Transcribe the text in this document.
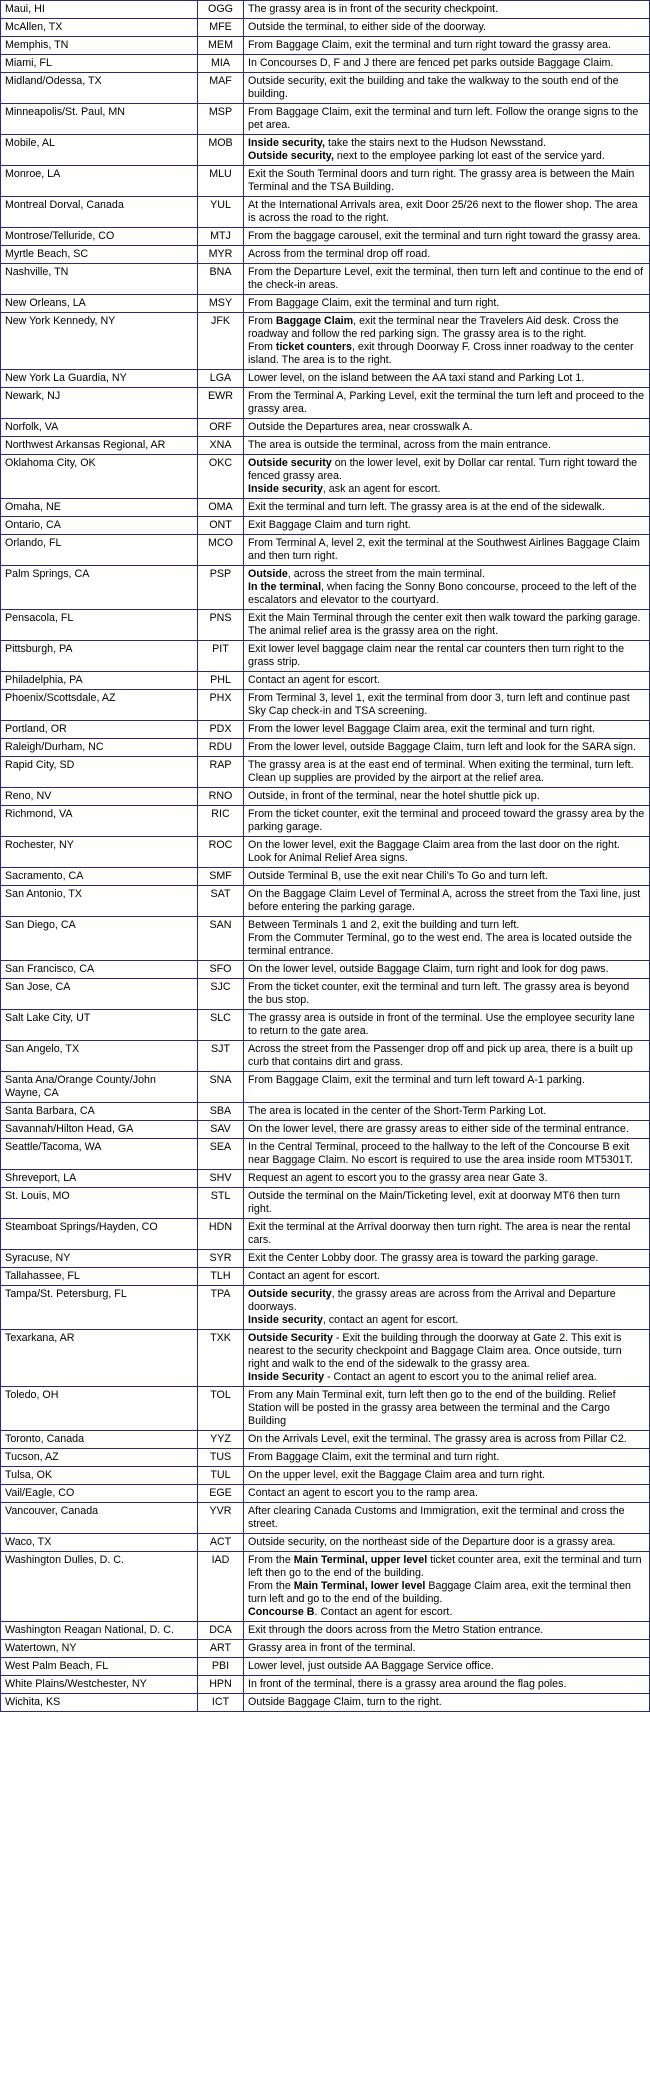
Maui, HI	OGG	The grassy area is in front of the security checkpoint.
McAllen, TX	MFE	Outside the terminal, to either side of the doorway.
Memphis, TN	MEM	From Baggage Claim, exit the terminal and turn right toward the grassy area.
Miami, FL	MIA	In Concourses D, F and J there are fenced pet parks outside Baggage Claim.
Midland/Odessa, TX	MAF	Outside security, exit the building and take the walkway to the south end of the building.
Minneapolis/St. Paul, MN	MSP	From Baggage Claim, exit the terminal and turn left. Follow the orange signs to the pet area.
Mobile, AL	MOB	Inside security, take the stairs next to the Hudson Newsstand.
Outside security, next to the employee parking lot east of the service yard.
Monroe, LA	MLU	Exit the South Terminal doors and turn right. The grassy area is between the Main Terminal and the TSA Building.
Montreal Dorval, Canada	YUL	At the International Arrivals area, exit Door 25/26 next to the flower shop. The area is across the road to the right.
Montrose/Telluride, CO	MTJ	From the baggage carousel, exit the terminal and turn right toward the grassy area.
Myrtle Beach, SC	MYR	Across from the terminal drop off road.
Nashville, TN	BNA	From the Departure Level, exit the terminal, then turn left and continue to the end of the check-in areas.
New Orleans, LA	MSY	From Baggage Claim, exit the terminal and turn right.
New York Kennedy, NY	JFK	From Baggage Claim, exit the terminal near the Travelers Aid desk. Cross the roadway and follow the red parking sign. The grassy area is to the right.
From ticket counters, exit through Doorway F. Cross inner roadway to the center island. The area is to the right.
New York La Guardia, NY	LGA	Lower level, on the island between the AA taxi stand and Parking Lot 1.
Newark, NJ	EWR	From the Terminal A, Parking Level, exit the terminal the turn left and proceed to the grassy area.
Norfolk, VA	ORF	Outside the Departures area, near crosswalk A.
Northwest Arkansas Regional, AR	XNA	The area is outside the terminal, across from the main entrance.
Oklahoma City, OK	OKC	Outside security on the lower level, exit by Dollar car rental. Turn right toward the fenced grassy area.
Inside security, ask an agent for escort.
Omaha, NE	OMA	Exit the terminal and turn left. The grassy area is at the end of the sidewalk.
Ontario, CA	ONT	Exit Baggage Claim and turn right.
Orlando, FL	MCO	From Terminal A, level 2, exit the terminal at the Southwest Airlines Baggage Claim and then turn right.
Palm Springs, CA	PSP	Outside, across the street from the main terminal.
In the terminal, when facing the Sonny Bono concourse, proceed to the left of the escalators and elevator to the courtyard.
Pensacola, FL	PNS	Exit the Main Terminal through the center exit then walk toward the parking garage. The animal relief area is the grassy area on the right.
Pittsburgh, PA	PIT	Exit lower level baggage claim near the rental car counters then turn right to the grass strip.
Philadelphia, PA	PHL	Contact an agent for escort.
Phoenix/Scottsdale, AZ	PHX	From Terminal 3, level 1, exit the terminal from door 3, turn left and continue past Sky Cap check-in and TSA screening.
Portland, OR	PDX	From the lower level Baggage Claim area, exit the terminal and turn right.
Raleigh/Durham, NC	RDU	From the lower level, outside Baggage Claim, turn left and look for the SARA sign.
Rapid City, SD	RAP	The grassy area is at the east end of terminal. When exiting the terminal, turn left. Clean up supplies are provided by the airport at the relief area.
Reno, NV	RNO	Outside, in front of the terminal, near the hotel shuttle pick up.
Richmond, VA	RIC	From the ticket counter, exit the terminal and proceed toward the grassy area by the parking garage.
Rochester, NY	ROC	On the lower level, exit the Baggage Claim area from the last door on the right. Look for Animal Relief Area signs.
Sacramento, CA	SMF	Outside Terminal B, use the exit near Chili's To Go and turn left.
San Antonio, TX	SAT	On the Baggage Claim Level of Terminal A, across the street from the Taxi line, just before entering the parking garage.
San Diego, CA	SAN	Between Terminals 1 and 2, exit the building and turn left.
From the Commuter Terminal, go to the west end. The area is located outside the terminal entrance.
San Francisco, CA	SFO	On the lower level, outside Baggage Claim, turn right and look for dog paws.
San Jose, CA	SJC	From the ticket counter, exit the terminal and turn left. The grassy area is beyond the bus stop.
Salt Lake City, UT	SLC	The grassy area is outside in front of the terminal. Use the employee security lane to return to the gate area.
San Angelo, TX	SJT	Across the street from the Passenger drop off and pick up area, there is a built up curb that contains dirt and grass.
Santa Ana/Orange County/John Wayne, CA	SNA	From Baggage Claim, exit the terminal and turn left toward A-1 parking.
Santa Barbara, CA	SBA	The area is located in the center of the Short-Term Parking Lot.
Savannah/Hilton Head, GA	SAV	On the lower level, there are grassy areas to either side of the terminal entrance.
Seattle/Tacoma, WA	SEA	In the Central Terminal, proceed to the hallway to the left of the Concourse B exit near Baggage Claim. No escort is required to use the area inside room MT5301T.
Shreveport, LA	SHV	Request an agent to escort you to the grassy area near Gate 3.
St. Louis, MO	STL	Outside the terminal on the Main/Ticketing level, exit at doorway MT6 then turn right.
Steamboat Springs/Hayden, CO	HDN	Exit the terminal at the Arrival doorway then turn right. The area is near the rental cars.
Syracuse, NY	SYR	Exit the Center Lobby door. The grassy area is toward the parking garage.
Tallahassee, FL	TLH	Contact an agent for escort.
Tampa/St. Petersburg, FL	TPA	Outside security, the grassy areas are across from the Arrival and Departure doorways.
Inside security, contact an agent for escort.
Texarkana, AR	TXK	Outside Security - Exit the building through the doorway at Gate 2. This exit is nearest to the security checkpoint and Baggage Claim area. Once outside, turn right and walk to the end of the sidewalk to the grassy area.
Inside Security - Contact an agent to escort you to the animal relief area.
Toledo, OH	TOL	From any Main Terminal exit, turn left then go to the end of the building. Relief Station will be posted in the grassy area between the terminal and the Cargo Building
Toronto, Canada	YYZ	On the Arrivals Level, exit the terminal. The grassy area is across from Pillar C2.
Tucson, AZ	TUS	From Baggage Claim, exit the terminal and turn right.
Tulsa, OK	TUL	On the upper level, exit the Baggage Claim area and turn right.
Vail/Eagle, CO	EGE	Contact an agent to escort you to the ramp area.
Vancouver, Canada	YVR	After clearing Canada Customs and Immigration, exit the terminal and cross the street.
Waco, TX	ACT	Outside security, on the northeast side of the Departure door is a grassy area.
Washington Dulles, D. C.	IAD	From the Main Terminal, upper level ticket counter area, exit the terminal and turn left then go to the end of the building.
From the Main Terminal, lower level Baggage Claim area, exit the terminal then turn left and go to the end of the building.
Concourse B. Contact an agent for escort.
Washington Reagan National, D. C.	DCA	Exit through the doors across from the Metro Station entrance.
Watertown, NY	ART	Grassy area in front of the terminal.
West Palm Beach, FL	PBI	Lower level, just outside AA Baggage Service office.
White Plains/Westchester, NY	HPN	In front of the terminal, there is a grassy area around the flag poles.
Wichita, KS	ICT	Outside Baggage Claim, turn to the right.
